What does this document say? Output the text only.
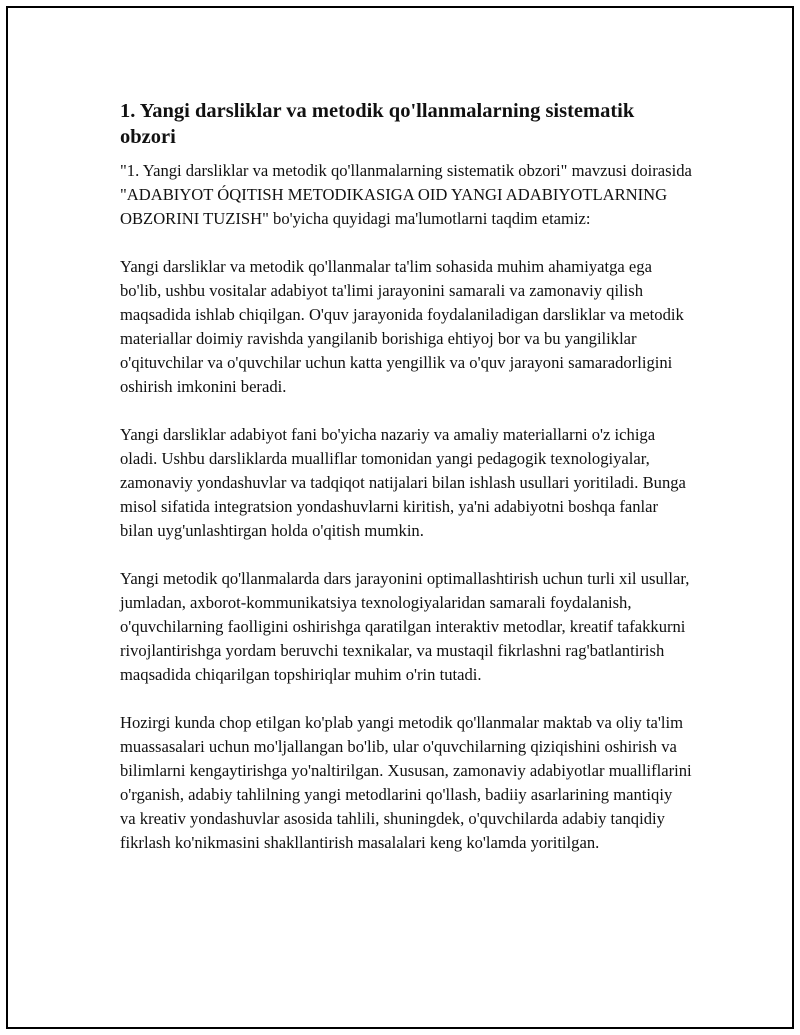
1. Yangi darsliklar va metodik qo'llanmalarning sistematik obzori

"1. Yangi darsliklar va metodik qo'llanmalarning sistematik obzori" mavzusi doirasida "ADABIYOT ÓQITISH METODIKASIGA OID YANGI ADABIYOTLARNING OBZORINI TUZISH" bo'yicha quyidagi ma'lumotlarni taqdim etamiz:

Yangi darsliklar va metodik qo'llanmalar ta'lim sohasida muhim ahamiyatga ega bo'lib, ushbu vositalar adabiyot ta'limi jarayonini samarali va zamonaviy qilish maqsadida ishlab chiqilgan. O'quv jarayonida foydalaniladigan darsliklar va metodik materiallar doimiy ravishda yangilanib borishiga ehtiyoj bor va bu yangiliklar o'qituvchilar va o'quvchilar uchun katta yengillik va o'quv jarayoni samaradorligini oshirish imkonini beradi.

Yangi darsliklar adabiyot fani bo'yicha nazariy va amaliy materiallarni o'z ichiga oladi. Ushbu darsliklarda mualliflar tomonidan yangi pedagogik texnologiyalar, zamonaviy yondashuvlar va tadqiqot natijalari bilan ishlash usullari yoritiladi. Bunga misol sifatida integratsion yondashuvlarni kiritish, ya'ni adabiyotni boshqa fanlar bilan uyg'unlashtirgan holda o'qitish mumkin.

Yangi metodik qo'llanmalarda dars jarayonini optimallashtirish uchun turli xil usullar, jumladan, axborot-kommunikatsiya texnologiyalaridan samarali foydalanish, o'quvchilarning faolligini oshirishga qaratilgan interaktiv metodlar, kreatif tafakkurni rivojlantirishga yordam beruvchi texnikalar, va mustaqil fikrlashni rag'batlantirish maqsadida chiqarilgan topshiriqlar muhim o'rin tutadi.

Hozirgi kunda chop etilgan ko'plab yangi metodik qo'llanmalar maktab va oliy ta'lim muassasalari uchun mo'ljallangan bo'lib, ular o'quvchilarning qiziqishini oshirish va bilimlarni kengaytirishga yo'naltirilgan. Xususan, zamonaviy adabiyotlar mualliflarini o'rganish, adabiy tahlilning yangi metodlarini qo'llash, badiiy asarlarining mantiqiy va kreativ yondashuvlar asosida tahlili, shuningdek, o'quvchilarda adabiy tanqidiy fikrlash ko'nikmasini shakllantirish masalalari keng ko'lamda yoritilgan.
